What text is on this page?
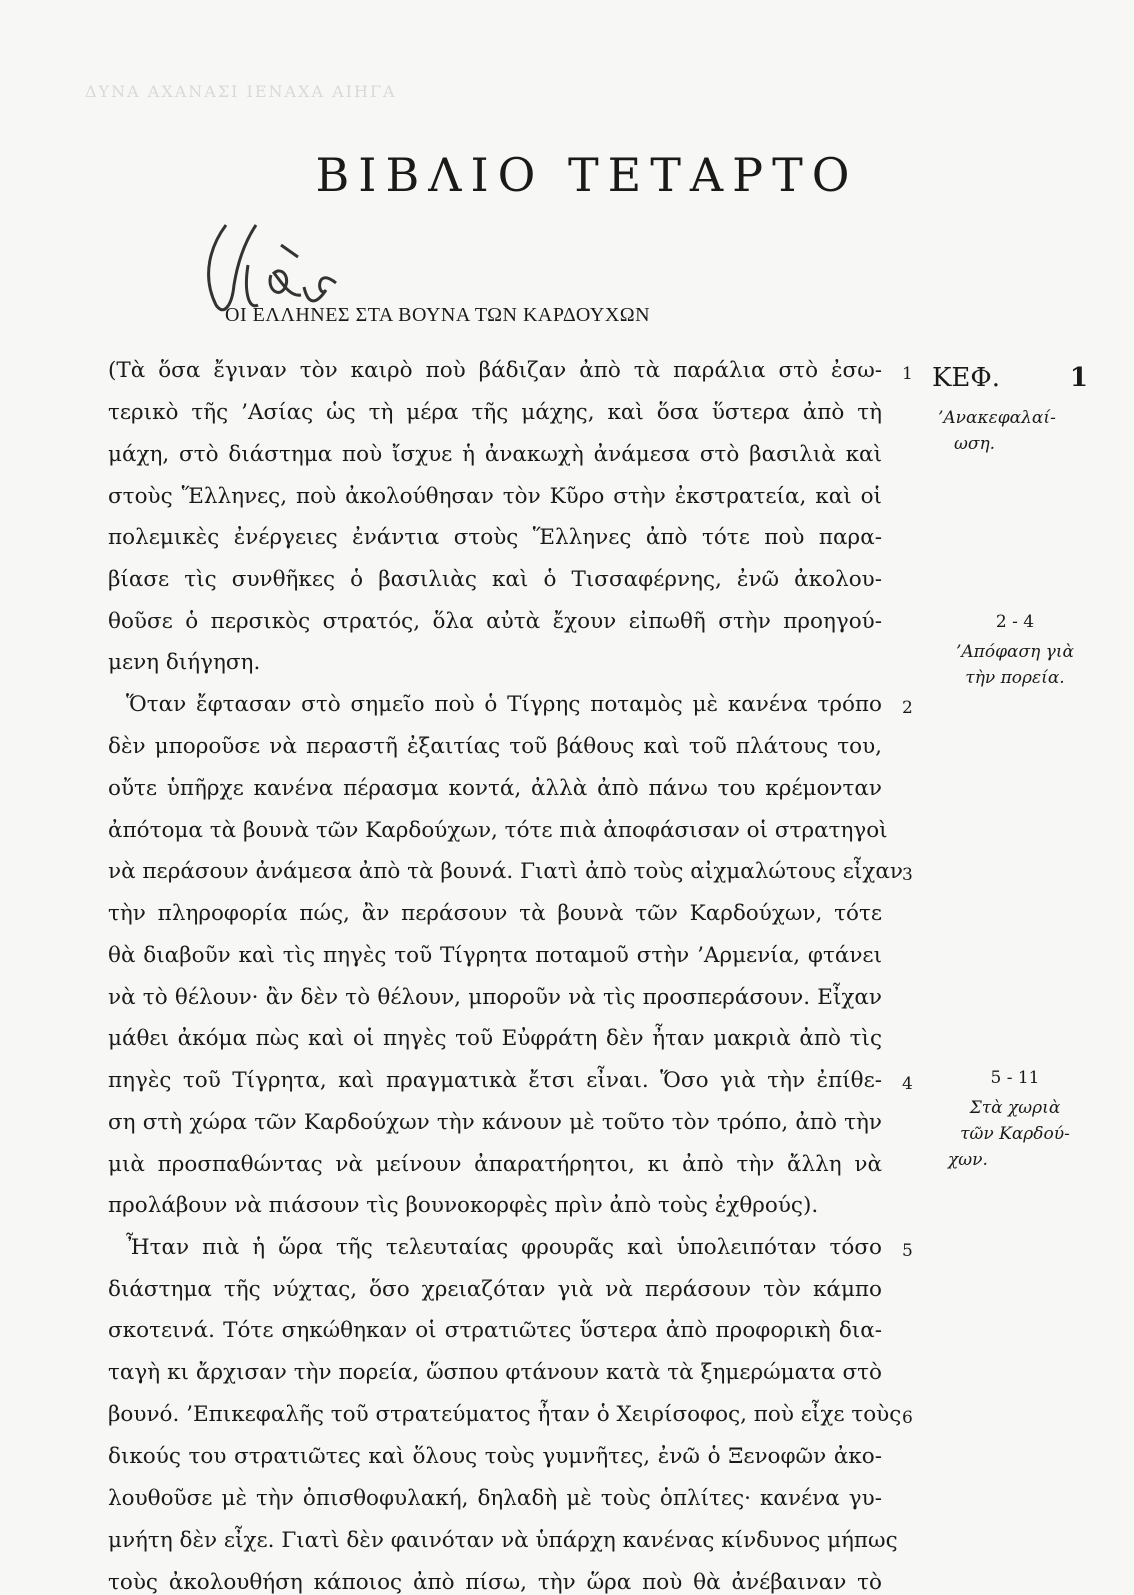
ΔΥΝΑ ΑΧΑΝΑΣΙ ΙΕΝΑΧΑ ΑΙΗΓΑ
ΒΙΒΛΙΟ ΤΕΤΑΡΤΟ
ΟΙ ΕΛΛΗΝΕΣ ΣΤΑ ΒΟΥΝΑ ΤΩΝ ΚΑΡΔΟΥΧΩΝ
(Τὰ ὅσα ἔγιναν τὸν καιρὸ ποὺ βάδιζαν ἀπὸ τὰ παράλια στὸ ἐσω-
τερικὸ τῆς ’Ασίας ὡς τὴ μέρα τῆς μάχης, καὶ ὅσα ὕστερα ἀπὸ τὴ
μάχη, στὸ διάστημα ποὺ ἴσχυε ἡ ἀνακωχὴ ἀνάμεσα στὸ βασιλιὰ καὶ
στοὺς Ἕλληνες, ποὺ ἀκολούθησαν τὸν Κῦρο στὴν ἐκστρατεία, καὶ οἱ
πολεμικὲς ἐνέργειες ἐνάντια στοὺς Ἕλληνες ἀπὸ τότε ποὺ παρα-
βίασε τὶς συνθῆκες ὁ βασιλιὰς καὶ ὁ Τισσαφέρνης, ἐνῶ ἀκολου-
θοῦσε ὁ περσικὸς στρατός, ὅλα αὐτὰ ἔχουν εἰπωθῆ στὴν προηγού-
μενη διήγηση.
Ὅταν ἔφτασαν στὸ σημεῖο ποὺ ὁ Τίγρης ποταμὸς μὲ κανένα τρόπο
δὲν μποροῦσε νὰ περαστῆ ἐξαιτίας τοῦ βάθους καὶ τοῦ πλάτους του,
οὔτε ὑπῆρχε κανένα πέρασμα κοντά, ἀλλὰ ἀπὸ πάνω του κρέμονταν
ἀπότομα τὰ βουνὰ τῶν Καρδούχων, τότε πιὰ ἀποφάσισαν οἱ στρατηγοὶ
νὰ περάσουν ἀνάμεσα ἀπὸ τὰ βουνά. Γιατὶ ἀπὸ τοὺς αἰχμαλώτους εἶχαν
τὴν πληροφορία πώς, ἂν περάσουν τὰ βουνὰ τῶν Καρδούχων, τότε
θὰ διαβοῦν καὶ τὶς πηγὲς τοῦ Τίγρητα ποταμοῦ στὴν ’Αρμενία, φτάνει
νὰ τὸ θέλουν· ἂν δὲν τὸ θέλουν, μποροῦν νὰ τὶς προσπεράσουν. Εἶχαν
μάθει ἀκόμα πὼς καὶ οἱ πηγὲς τοῦ Εὐφράτη δὲν ἦταν μακριὰ ἀπὸ τὶς
πηγὲς τοῦ Τίγρητα, καὶ πραγματικὰ ἔτσι εἶναι. Ὅσο γιὰ τὴν ἐπίθε-
ση στὴ χώρα τῶν Καρδούχων τὴν κάνουν μὲ τοῦτο τὸν τρόπο, ἀπὸ τὴν
μιὰ προσπαθώντας νὰ μείνουν ἀπαρατήρητοι, κι ἀπὸ τὴν ἄλλη νὰ
προλάβουν νὰ πιάσουν τὶς βουνοκορφὲς πρὶν ἀπὸ τοὺς ἐχθρούς).
Ἦταν πιὰ ἡ ὥρα τῆς τελευταίας φρουρᾶς καὶ ὑπολειπόταν τόσο
διάστημα τῆς νύχτας, ὅσο χρειαζόταν γιὰ νὰ περάσουν τὸν κάμπο
σκοτεινά. Τότε σηκώθηκαν οἱ στρατιῶτες ὕστερα ἀπὸ προφορικὴ δια-
ταγὴ κι ἄρχισαν τὴν πορεία, ὥσπου φτάνουν κατὰ τὰ ξημερώματα στὸ
βουνό. ’Επικεφαλῆς τοῦ στρατεύματος ἦταν ὁ Χειρίσοφος, ποὺ εἶχε τοὺς
δικούς του στρατιῶτες καὶ ὅλους τοὺς γυμνῆτες, ἐνῶ ὁ Ξενοφῶν ἀκο-
λουθοῦσε μὲ τὴν ὀπισθοφυλακή, δηλαδὴ μὲ τοὺς ὁπλίτες· κανένα γυ-
μνήτη δὲν εἶχε. Γιατὶ δὲν φαινόταν νὰ ὑπάρχη κανένας κίνδυνος μήπως
τοὺς ἀκολουθήση κάποιος ἀπὸ πίσω, τὴν ὥρα ποὺ θὰ ἀνέβαιναν τὸ
1
2
3
4
5
6
ΚΕΦ.	1
’Ανακεφαλαί-
ωση.
2 - 4
’Απόφαση γιὰ
τὴν πορεία.
5 - 11
Στὰ χωριὰ
τῶν Καρδού-
χων.
